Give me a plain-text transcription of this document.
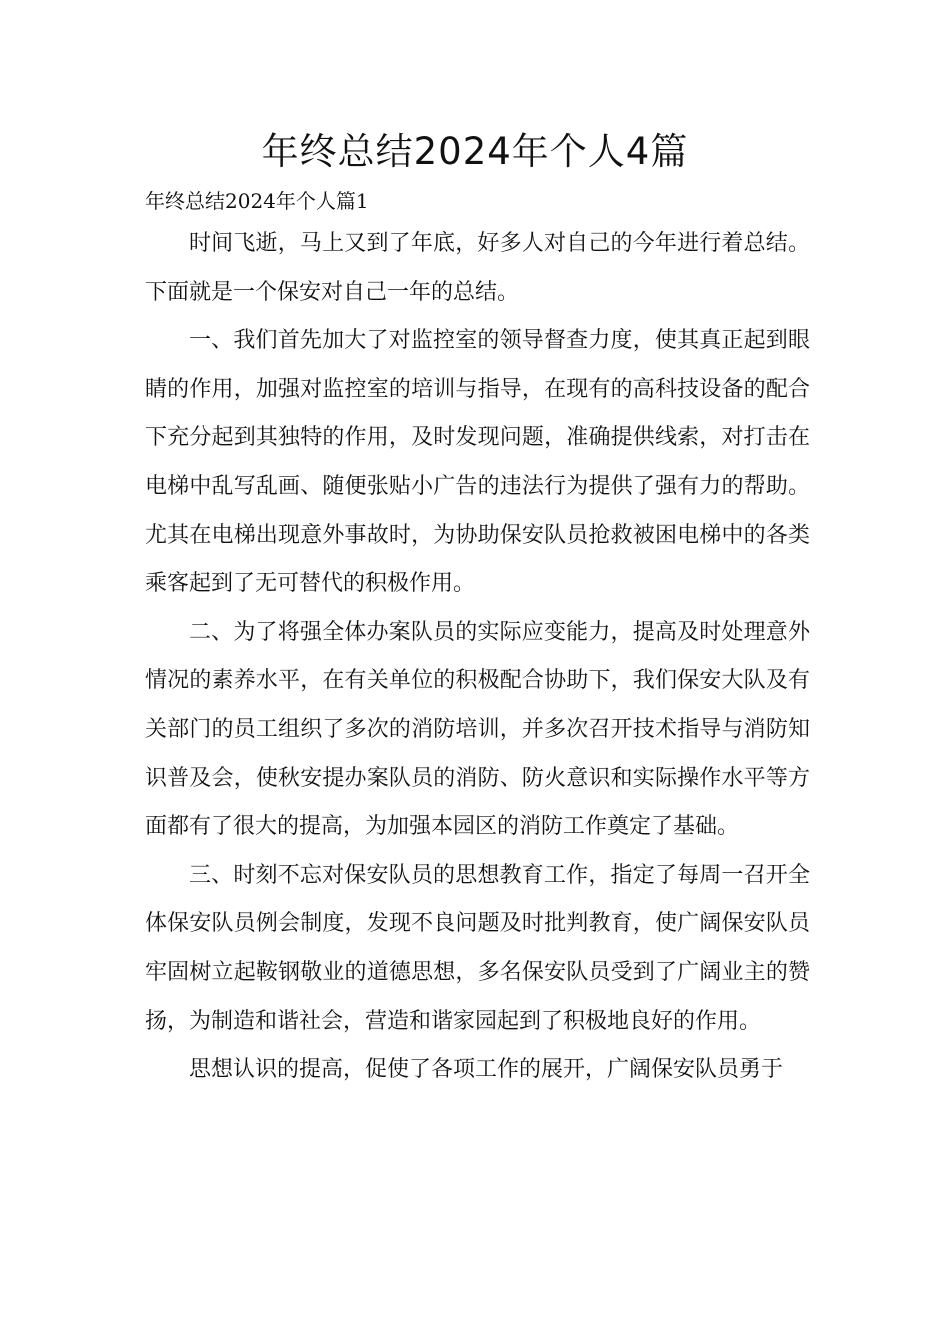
年终总结2024年个人4篇
年终总结2024年个人篇1

时间飞逝，马上又到了年底，好多人对自己的今年进行着总结。下面就是一个保安对自己一年的总结。

一、我们首先加大了对监控室的领导督查力度，使其真正起到眼睛的作用，加强对监控室的培训与指导，在现有的高科技设备的配合下充分起到其独特的作用，及时发现问题，准确提供线索，对打击在电梯中乱写乱画、随便张贴小广告的违法行为提供了强有力的帮助。尤其在电梯出现意外事故时，为协助保安队员抢救被困电梯中的各类乘客起到了无可替代的积极作用。

二、为了将强全体办案队员的实际应变能力，提高及时处理意外情况的素养水平，在有关单位的积极配合协助下，我们保安大队及有关部门的员工组织了多次的消防培训，并多次召开技术指导与消防知识普及会，使秋安提办案队员的消防、防火意识和实际操作水平等方面都有了很大的提高，为加强本园区的消防工作奠定了基础。

三、时刻不忘对保安队员的思想教育工作，指定了每周一召开全体保安队员例会制度，发现不良问题及时批判教育，使广阔保安队员牢固树立起鞍钢敬业的道德思想，多名保安队员受到了广阔业主的赞扬，为制造和谐社会，营造和谐家园起到了积极地良好的作用。

思想认识的提高，促使了各项工作的展开，广阔保安队员勇于
